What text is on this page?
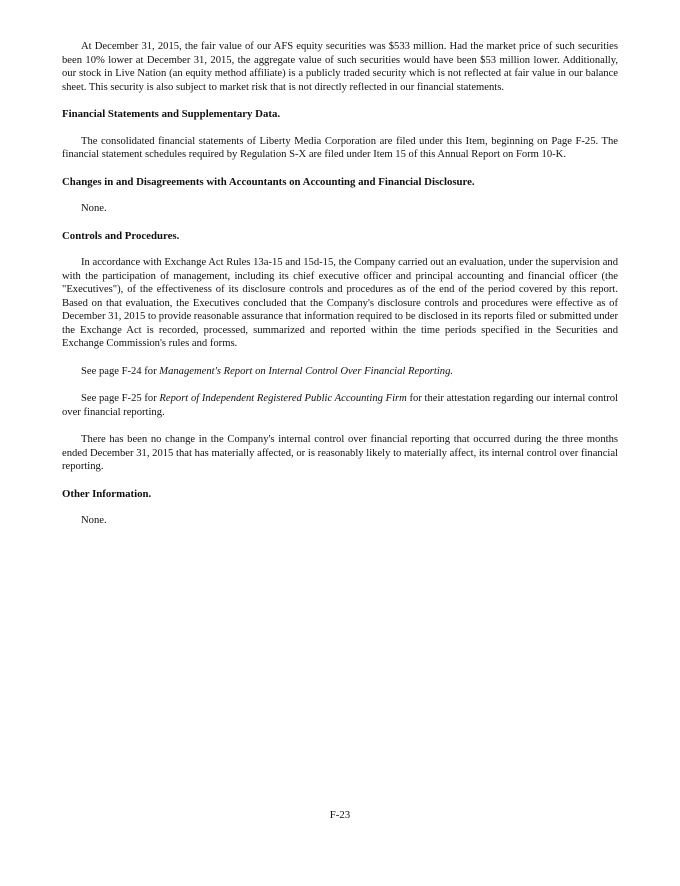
At December 31, 2015, the fair value of our AFS equity securities was $533 million. Had the market price of such securities been 10% lower at December 31, 2015, the aggregate value of such securities would have been $53 million lower. Additionally, our stock in Live Nation (an equity method affiliate) is a publicly traded security which is not reflected at fair value in our balance sheet. This security is also subject to market risk that is not directly reflected in our financial statements.

Financial Statements and Supplementary Data.

The consolidated financial statements of Liberty Media Corporation are filed under this Item, beginning on Page F-25. The financial statement schedules required by Regulation S-X are filed under Item 15 of this Annual Report on Form 10-K.

Changes in and Disagreements with Accountants on Accounting and Financial Disclosure.

None.

Controls and Procedures.

In accordance with Exchange Act Rules 13a-15 and 15d-15, the Company carried out an evaluation, under the supervision and with the participation of management, including its chief executive officer and principal accounting and financial officer (the "Executives"), of the effectiveness of its disclosure controls and procedures as of the end of the period covered by this report. Based on that evaluation, the Executives concluded that the Company's disclosure controls and procedures were effective as of December 31, 2015 to provide reasonable assurance that information required to be disclosed in its reports filed or submitted under the Exchange Act is recorded, processed, summarized and reported within the time periods specified in the Securities and Exchange Commission's rules and forms.

See page F-24 for Management's Report on Internal Control Over Financial Reporting.

See page F-25 for Report of Independent Registered Public Accounting Firm for their attestation regarding our internal control over financial reporting.

There has been no change in the Company's internal control over financial reporting that occurred during the three months ended December 31, 2015 that has materially affected, or is reasonably likely to materially affect, its internal control over financial reporting.

Other Information.

None.

F-23
